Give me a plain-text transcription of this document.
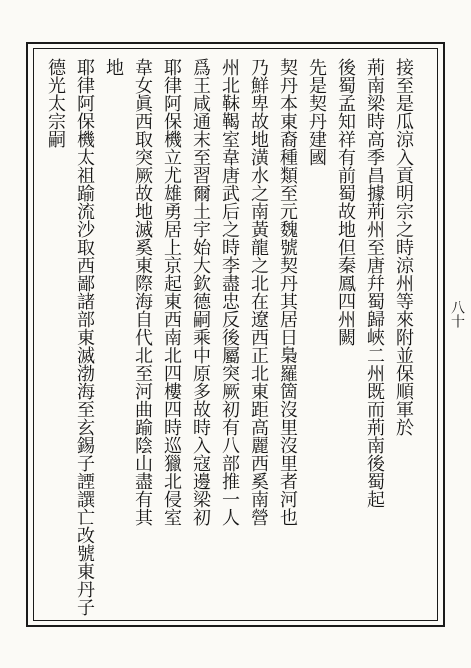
接至是瓜涼入貢明宗之時涼州等來附並保順軍於
荊南梁時高季昌據荊州至唐幷蜀歸峽二州既而荊南後蜀起
後蜀孟知祥有前蜀故地但秦鳳四州闕
先是契丹建國
契丹本東裔種類至元魏號契丹其居日梟羅箇沒里沒里者河也
乃鮮卑故地潢水之南黃龍之北在遼西正北東距高麗西奚南營
州北靺鞨室韋唐武后之時李盡忠反後屬突厥初有八部推一人
爲王咸通末至習爾土宇始大欽德嗣乘中原多故時入寇邊梁初
耶律阿保機立尤雄勇居上京起東西南北四樓四時巡獵北侵室
韋女眞西取突厥故地滅奚東際海自代北至河曲踰陰山盡有其
地
耶律阿保機太祖踰流沙取西鄙諸部東滅渤海至玄錫子諲譔亡改號東丹子
德光太宗嗣
八十
